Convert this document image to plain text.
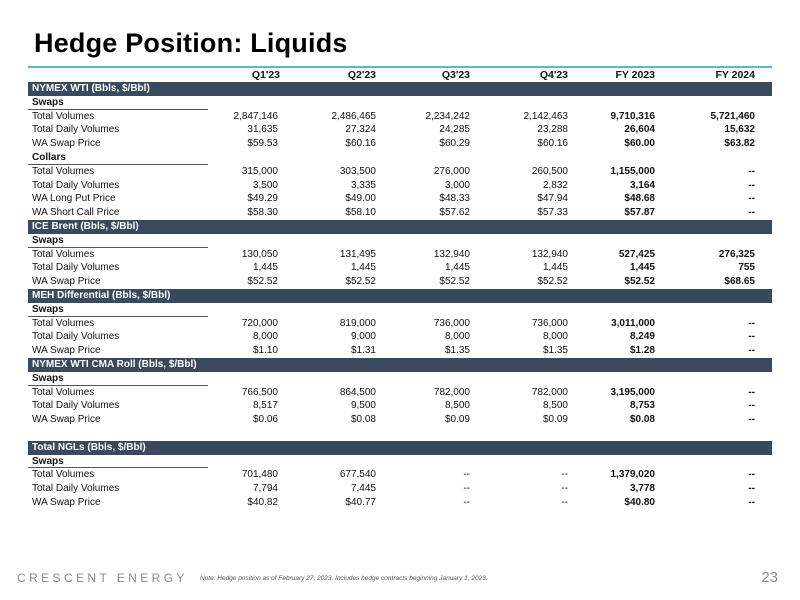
Hedge Position: Liquids
Q1'23	Q2'23	Q3'23	Q4'23	FY 2023	FY 2024
NYMEX WTI (Bbls, $/Bbl)
Swaps
Total Volumes	2,847,146	2,486,465	2,234,242	2,142,463	9,710,316	5,721,460
Total Daily Volumes	31,635	27,324	24,285	23,288	26,604	15,632
WA Swap Price	$59.53	$60.16	$60.29	$60.16	$60.00	$63.82
Collars
Total Volumes	315,000	303,500	276,000	260,500	1,155,000	--
Total Daily Volumes	3,500	3,335	3,000	2,832	3,164	--
WA Long Put Price	$49.29	$49.00	$48.33	$47.94	$48.68	--
WA Short Call Price	$58.30	$58.10	$57.62	$57.33	$57.87	--
ICE Brent (Bbls, $/Bbl)
Swaps
Total Volumes	130,050	131,495	132,940	132,940	527,425	276,325
Total Daily Volumes	1,445	1,445	1,445	1,445	1,445	755
WA Swap Price	$52.52	$52.52	$52.52	$52.52	$52.52	$68.65
MEH Differential (Bbls, $/Bbl)
Swaps
Total Volumes	720,000	819,000	736,000	736,000	3,011,000	--
Total Daily Volumes	8,000	9,000	8,000	8,000	8,249	--
WA Swap Price	$1.10	$1.31	$1.35	$1.35	$1.28	--
NYMEX WTI CMA Roll (Bbls, $/Bbl)
Swaps
Total Volumes	766,500	864,500	782,000	782,000	3,195,000	--
Total Daily Volumes	8,517	9,500	8,500	8,500	8,753	--
WA Swap Price	$0.06	$0.08	$0.09	$0.09	$0.08	--
Total NGLs (Bbls, $/Bbl)
Swaps
Total Volumes	701,480	677,540	--	--	1,379,020	--
Total Daily Volumes	7,794	7,445	--	--	3,778	--
WA Swap Price	$40.82	$40.77	--	--	$40.80	--
CRESCENT ENERGY Note: Hedge position as of February 27, 2023. Includes hedge contracts beginning January 1, 2023.	23
